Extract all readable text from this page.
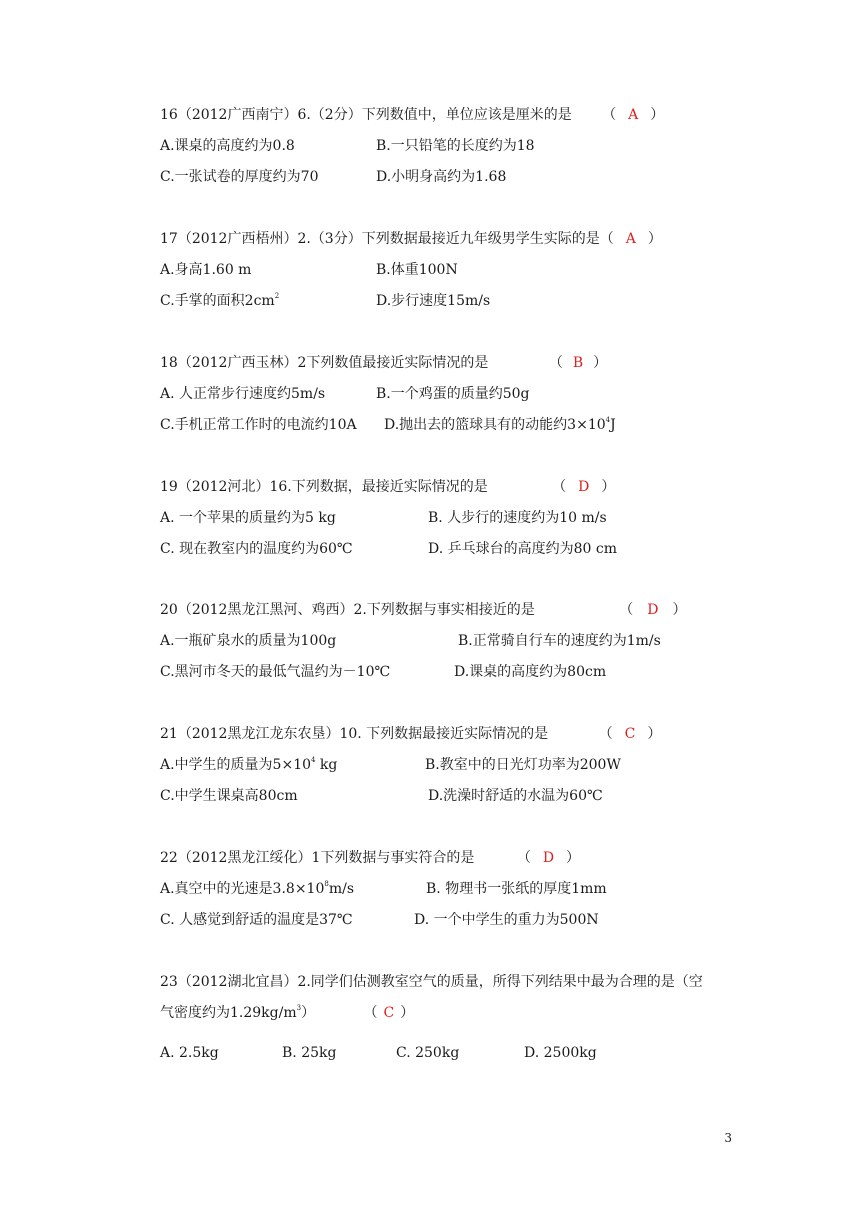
16（2012广西南宁）6.（2分）下列数值中，单位应该是厘米的是 （ A ）
A.课桌的高度约为0.8	B.一只铅笔的长度约为18
C.一张试卷的厚度约为70	D.小明身高约为1.68
17（2012广西梧州）2.（3分）下列数据最接近九年级男学生实际的是（ A ）
A.身高1.60 m	B.体重100N
C.手掌的面积$2cm^2$	D.步行速度15m/s
18（2012广西玉林）2下列数值最接近实际情况的是	（ B ）
A. 人正常步行速度约5m/s	B.一个鸡蛋的质量约50g
C.手机正常工作时的电流约10A D.抛出去的篮球具有的动能约$3\times 10^4J$
19（2012河北）16.下列数据，最接近实际情况的是	（ D ）
A. 一个苹果的质量约为5 kg	B. 人步行的速度约为10 m/s
C. 现在教室内的温度约为60℃	D. 乒乓球台的高度约为80 cm
20（2012黑龙江黑河、鸡西）2.下列数据与事实相接近的是	（ D ）
A.一瓶矿泉水的质量为100g	B.正常骑自行车的速度约为1m/s
C.黑河市冬天的最低气温约为－10℃	D.课桌的高度约为80cm
21（2012黑龙江龙东农垦）10. 下列数据最接近实际情况的是	（ C ）
A.中学生的质量为$5\times 10^4$ kg	B.教室中的日光灯功率为200W
C.中学生课桌高80cm	D.洗澡时舒适的水温为60℃
22（2012黑龙江绥化）1下列数据与事实符合的是	（ D ）
A.真空中的光速是$3.8\times 10^8m/s$	B. 物理书一张纸的厚度1mm
C. 人感觉到舒适的温度是37℃	D. 一个中学生的重力为500N
23（2012湖北宜昌）2.同学们估测教室空气的质量，所得下列结果中最为合理的是（空
气密度约为$1.29kg/m^3$）	（ C ）
A. 2.5kg	B. 25kg	C. 250kg	D. 2500kg
3
